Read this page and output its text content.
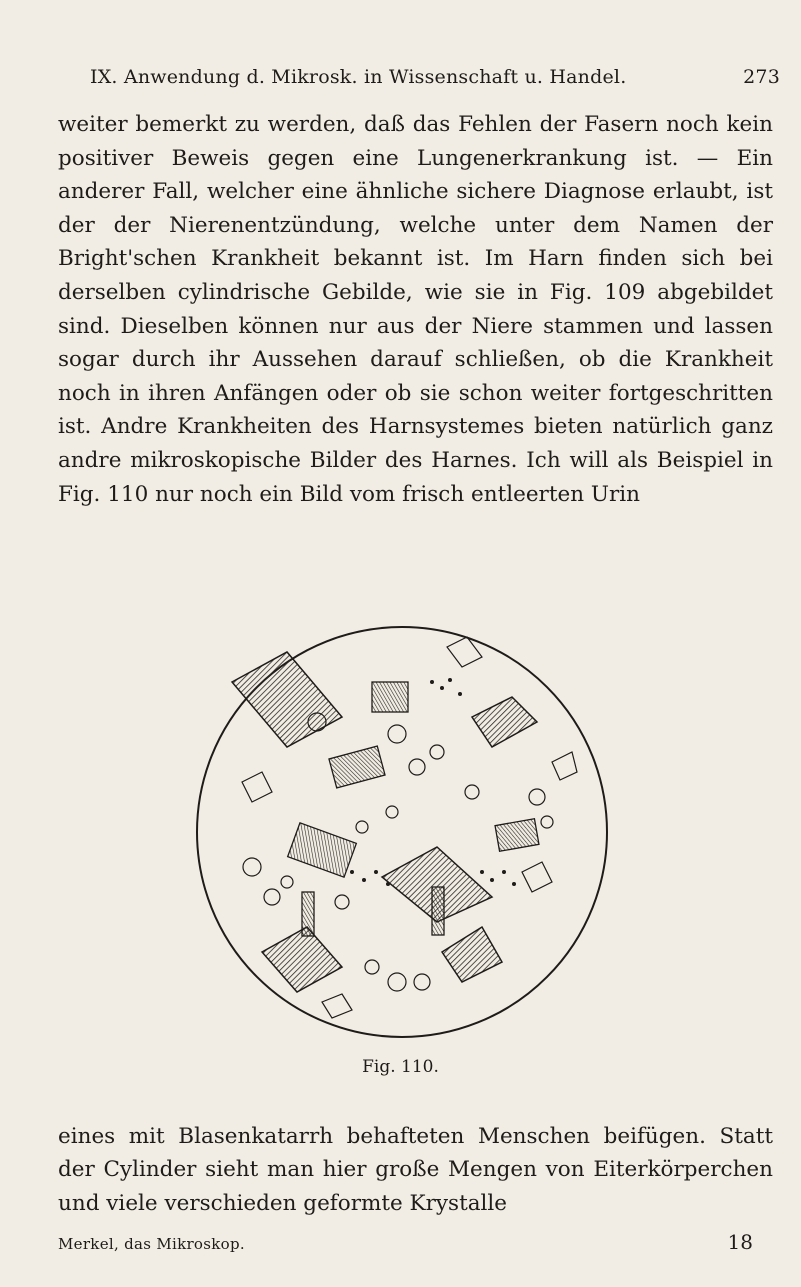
IX. Anwendung d. Mikrosk. in Wissenschaft u. Handel.	273

weiter bemerkt zu werden, daß das Fehlen der Fasern noch kein positiver Beweis gegen eine Lungenerkrankung ist. — Ein anderer Fall, welcher eine ähnliche sichere Diagnose erlaubt, ist der der Nierenentzündung, welche unter dem Namen der Bright'schen Krankheit bekannt ist. Im Harn finden sich bei derselben cylindrische Gebilde, wie sie in Fig. 109 abgebildet sind. Dieselben können nur aus der Niere stammen und lassen sogar durch ihr Aussehen darauf schließen, ob die Krankheit noch in ihren Anfängen oder ob sie schon weiter fortgeschritten ist. Andre Krankheiten des Harnsystemes bieten natürlich ganz andre mikroskopische Bilder des Harnes. Ich will als Beispiel in Fig. 110 nur noch ein Bild vom frisch entleerten Urin

Fig. 110.

eines mit Blasenkatarrh behafteten Menschen beifügen. Statt der Cylinder sieht man hier große Mengen von Eiterkörperchen und viele verschieden geformte Krystalle

Merkel, das Mikroskop.	18
